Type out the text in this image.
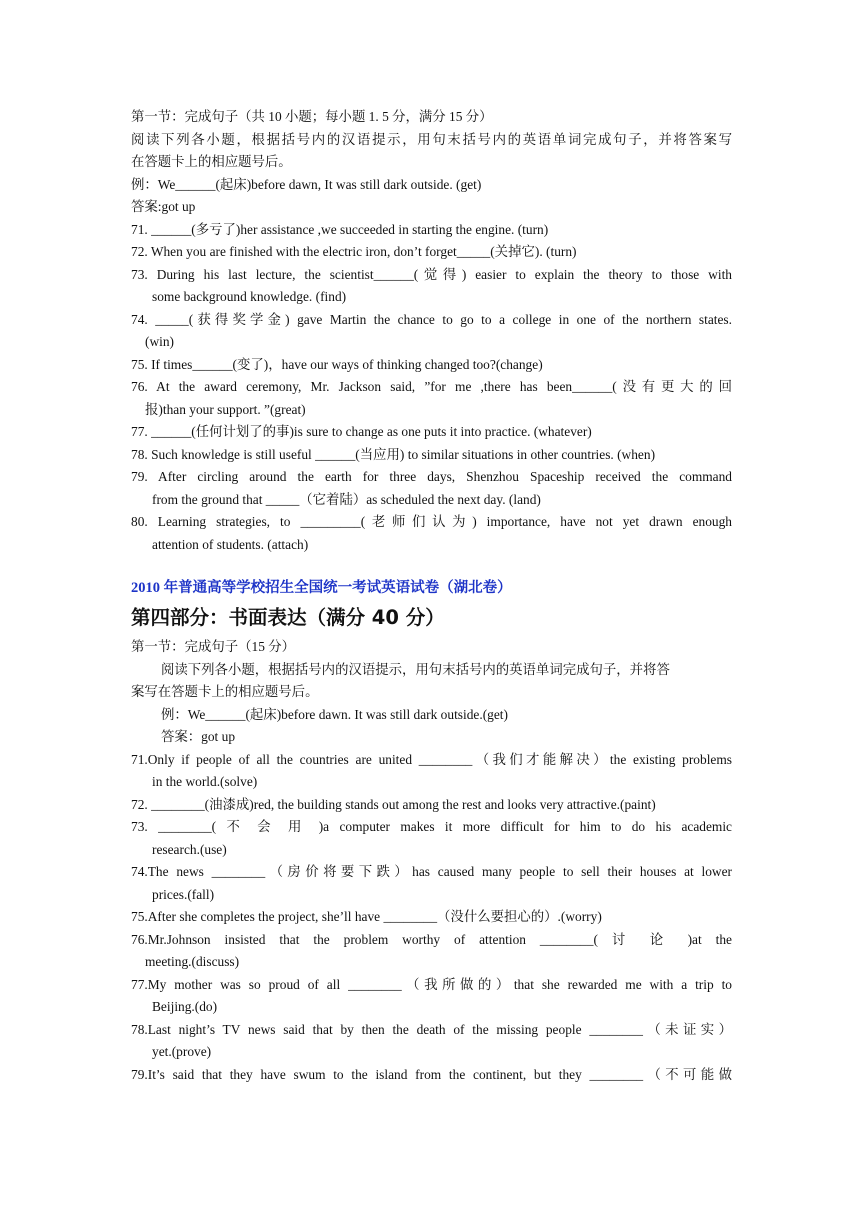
第一节：完成句子（共 10 小题；每小题 1. 5 分，满分 15 分）
阅读下列各小题，根据括号内的汉语提示，用句末括号内的英语单词完成句子，并将答案写
在答题卡上的相应题号后。
例：We______(起床)before dawn, It was still dark outside. (get)
答案:got up
71. ______(多亏了)her assistance ,we succeeded in starting the engine. (turn)
72. When you are finished with the electric iron, don’t forget_____(关掉它). (turn)
73. During his last lecture, the scientist______(觉得) easier to explain the theory to those with
some background knowledge. (find)
74. _____(获得奖学金) gave Martin the chance to go to a college in one of the northern states.
(win)
75. If times______(变了)，have our ways of thinking changed too?(change)
76. At the award ceremony, Mr. Jackson said, ”for me ,there has been______(没有更大的回
报)than your support. ”(great)
77. ______(任何计划了的事)is sure to change as one puts it into practice. (whatever)
78. Such knowledge is still useful ______(当应用) to similar situations in other countries. (when)
79. After circling around the earth for three days, Shenzhou Spaceship received the command
from the ground that _____（它着陆）as scheduled the next day. (land)
80. Learning strategies, to _________(老师们认为) importance, have not yet drawn enough
attention of students. (attach)
2010 年普通高等学校招生全国统一考试英语试卷（湖北卷）
第四部分：书面表达（满分 40 分）
第一节：完成句子（15 分）
阅读下列各小题，根据括号内的汉语提示，用句末括号内的英语单词完成句子，并将答
案写在答题卡上的相应题号后。
例：We______(起床)before dawn. It was still dark outside.(get)
答案：got up
71.Only if people of all the countries are united ________（我们才能解决）the existing problems
in the world.(solve)
72. ________(油漆成)red, the building stands out among the rest and looks very attractive.(paint)
73. ________( 不 会 用 )a computer makes it more difficult for him to do his academic
research.(use)
74.The news ________（房价将要下跌）has caused many people to sell their houses at lower
prices.(fall)
75.After she completes the project, she’ll have ________（没什么要担心的）.(worry)
76.Mr.Johnson insisted that the problem worthy of attention ________( 讨 论 )at the
meeting.(discuss)
77.My mother was so proud of all ________（我所做的）that she rewarded me with a trip to
Beijing.(do)
78.Last night’s TV news said that by then the death of the missing people ________（未证实）
yet.(prove)
79.It’s said that they have swum to the island from the continent, but they ________（不可能做
